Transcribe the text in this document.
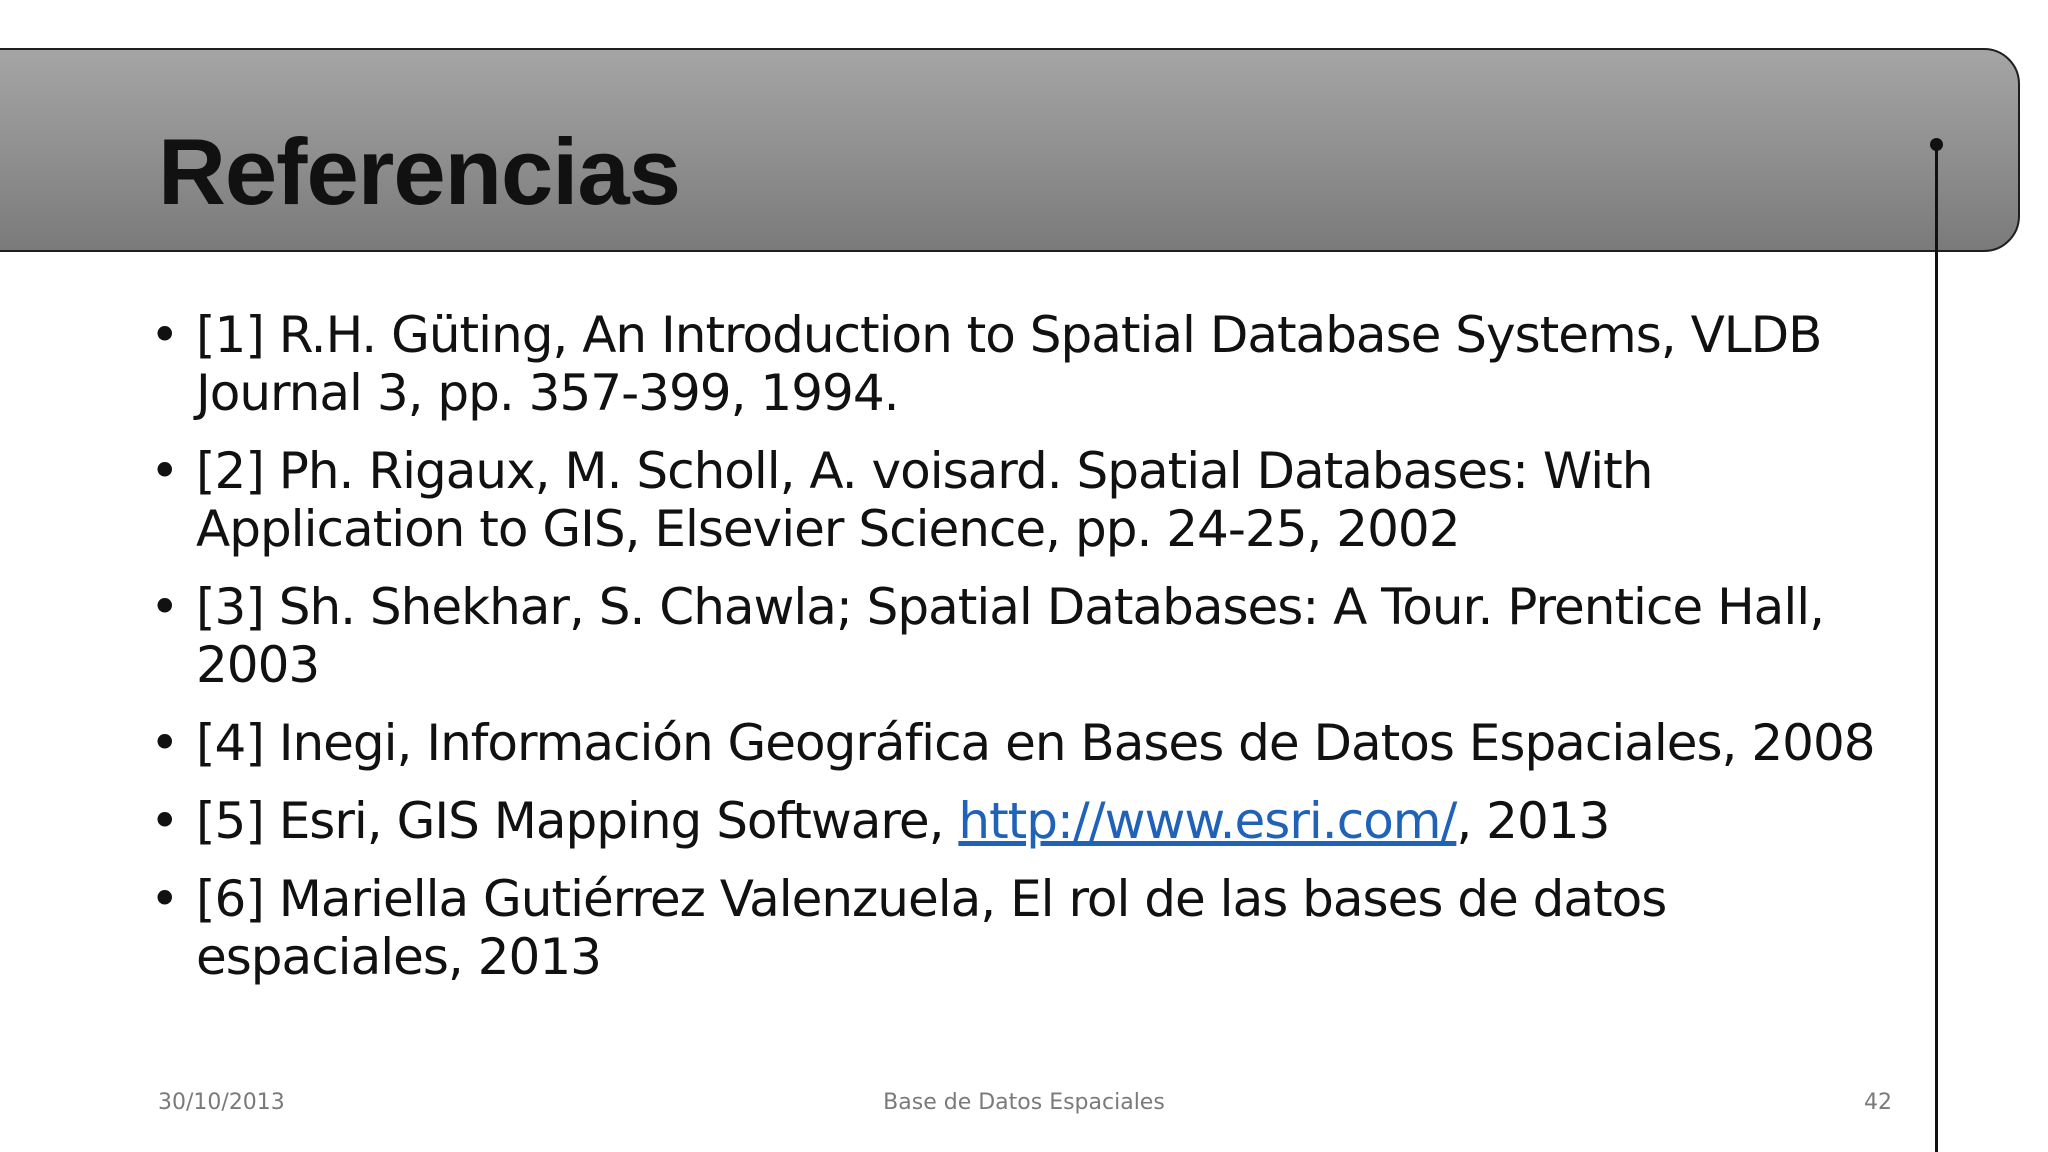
Referencias
• [1] R.H. Güting, An Introduction to Spatial Database Systems, VLDB Journal 3, pp. 357-399, 1994.
• [2] Ph. Rigaux, M. Scholl, A. voisard. Spatial Databases: With Application to GIS, Elsevier Science, pp. 24-25, 2002
• [3] Sh. Shekhar, S. Chawla; Spatial Databases: A Tour. Prentice Hall, 2003
• [4] Inegi, Información Geográfica en Bases de Datos Espaciales, 2008
• [5] Esri, GIS Mapping Software, http://www.esri.com/, 2013
• [6] Mariella Gutiérrez Valenzuela, El rol de las bases de datos espaciales, 2013
30/10/2013	Base de Datos Espaciales	42
